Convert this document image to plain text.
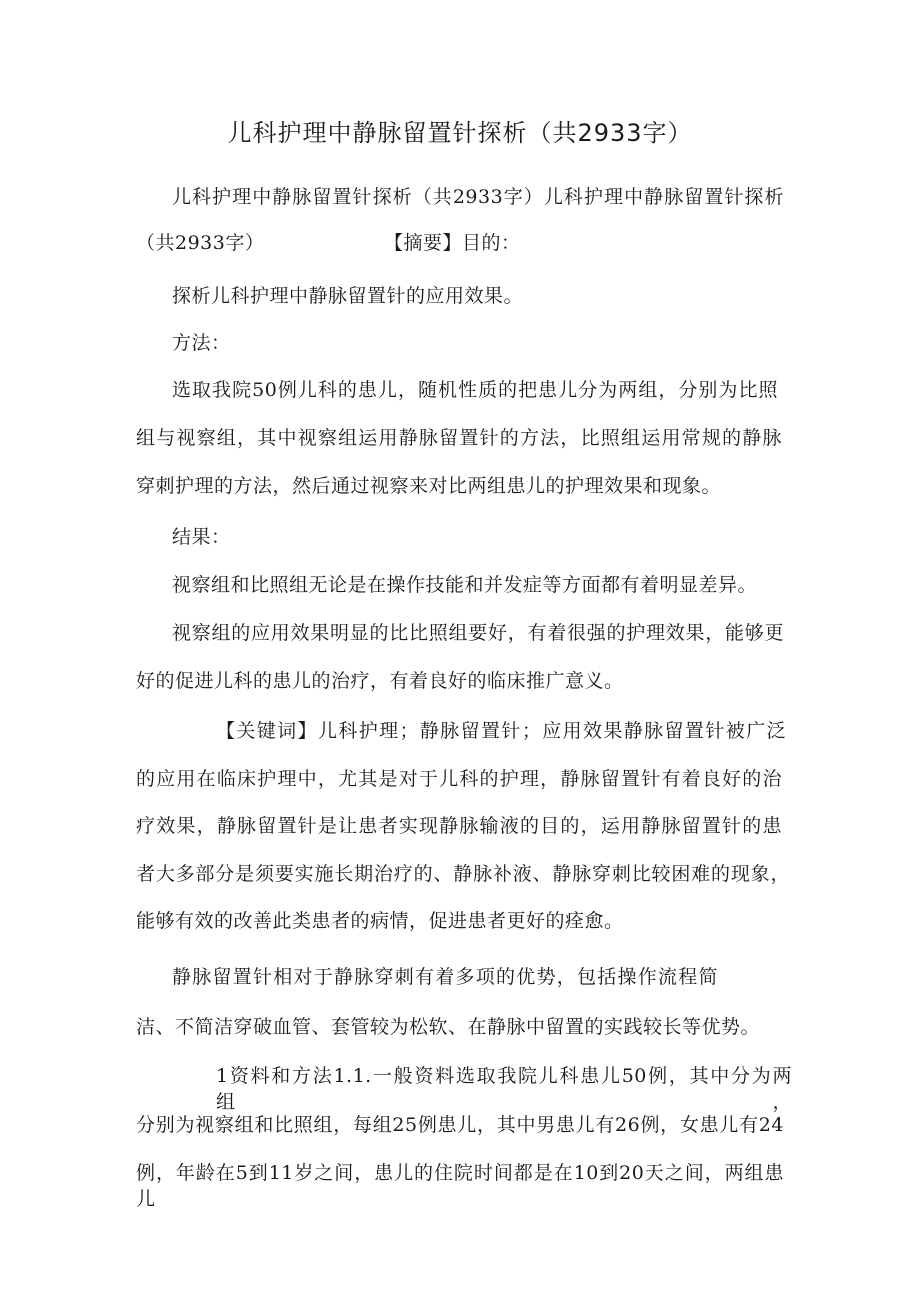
儿科护理中静脉留置针探析（共2933字）
儿科护理中静脉留置针探析（共2933字）儿科护理中静脉留置针探析
（共2933字）	【摘要】目的：
探析儿科护理中静脉留置针的应用效果。
方法：
选取我院50例儿科的患儿，随机性质的把患儿分为两组，分别为比照
组与视察组，其中视察组运用静脉留置针的方法，比照组运用常规的静脉
穿刺护理的方法，然后通过视察来对比两组患儿的护理效果和现象。
结果：
视察组和比照组无论是在操作技能和并发症等方面都有着明显差异。
视察组的应用效果明显的比比照组要好，有着很强的护理效果，能够更
好的促进儿科的患儿的治疗，有着良好的临床推广意义。
【关键词】儿科护理；静脉留置针；应用效果静脉留置针被广泛
的应用在临床护理中，尤其是对于儿科的护理，静脉留置针有着良好的治
疗效果，静脉留置针是让患者实现静脉输液的目的，运用静脉留置针的患
者大多部分是须要实施长期治疗的、静脉补液、静脉穿刺比较困难的现象，
能够有效的改善此类患者的病情，促进患者更好的痊愈。
静脉留置针相对于静脉穿刺有着多项的优势，包括操作流程简
洁、不简洁穿破血管、套管较为松软、在静脉中留置的实践较长等优势。
1资料和方法1.1.一般资料选取我院儿科患儿50例，其中分为两组，
分别为视察组和比照组，每组25例患儿，其中男患儿有26例，女患儿有24
例，年龄在5到11岁之间，患儿的住院时间都是在10到20天之间，两组患儿
